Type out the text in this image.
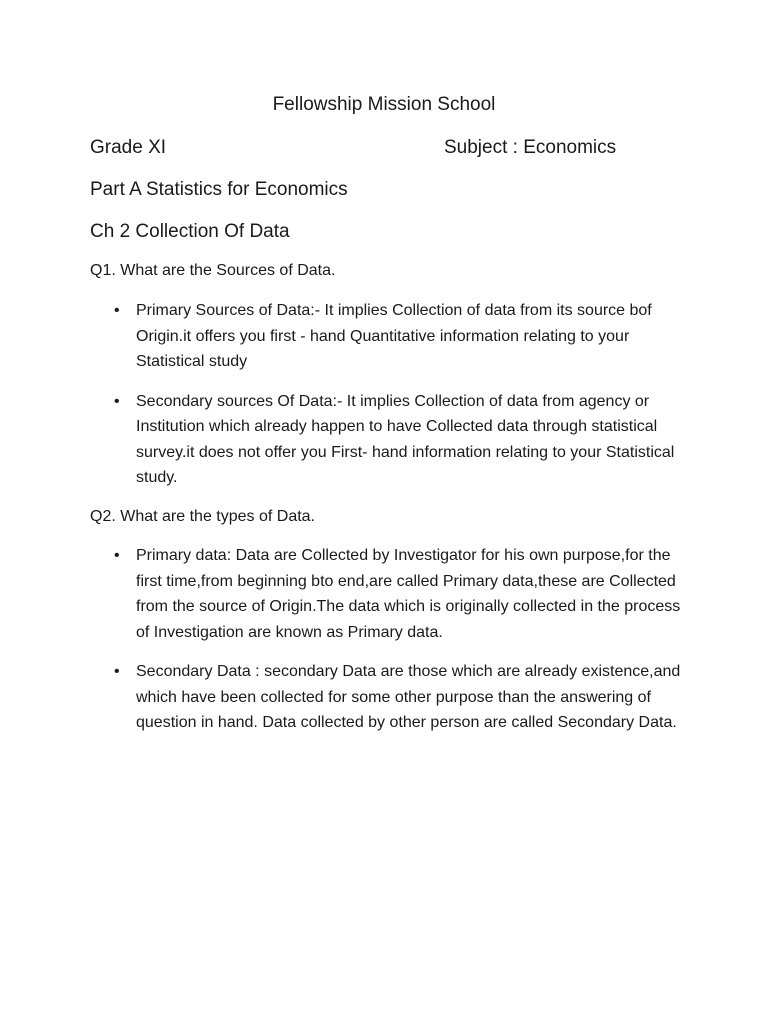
Fellowship Mission School

Grade XI	Subject : Economics

Part A Statistics for Economics

Ch 2 Collection Of Data

Q1. What are the Sources of Data.

• Primary Sources of Data:- It implies Collection of data from its source bof Origin.it offers you first - hand Quantitative information relating to your Statistical study
• Secondary sources Of Data:- It implies Collection of data from agency or Institution which already happen to have Collected data through statistical survey.it does not offer you First- hand information relating to your Statistical study.

Q2. What are the types of Data.

• Primary data: Data are Collected by Investigator for his own purpose,for the first time,from beginning bto end,are called Primary data,these are Collected from the source of Origin.The data which is originally collected in the process of Investigation are known as Primary data.
• Secondary Data : secondary Data are those which are already existence,and which have been collected for some other purpose than the answering of question in hand. Data collected by other person are called Secondary Data.
